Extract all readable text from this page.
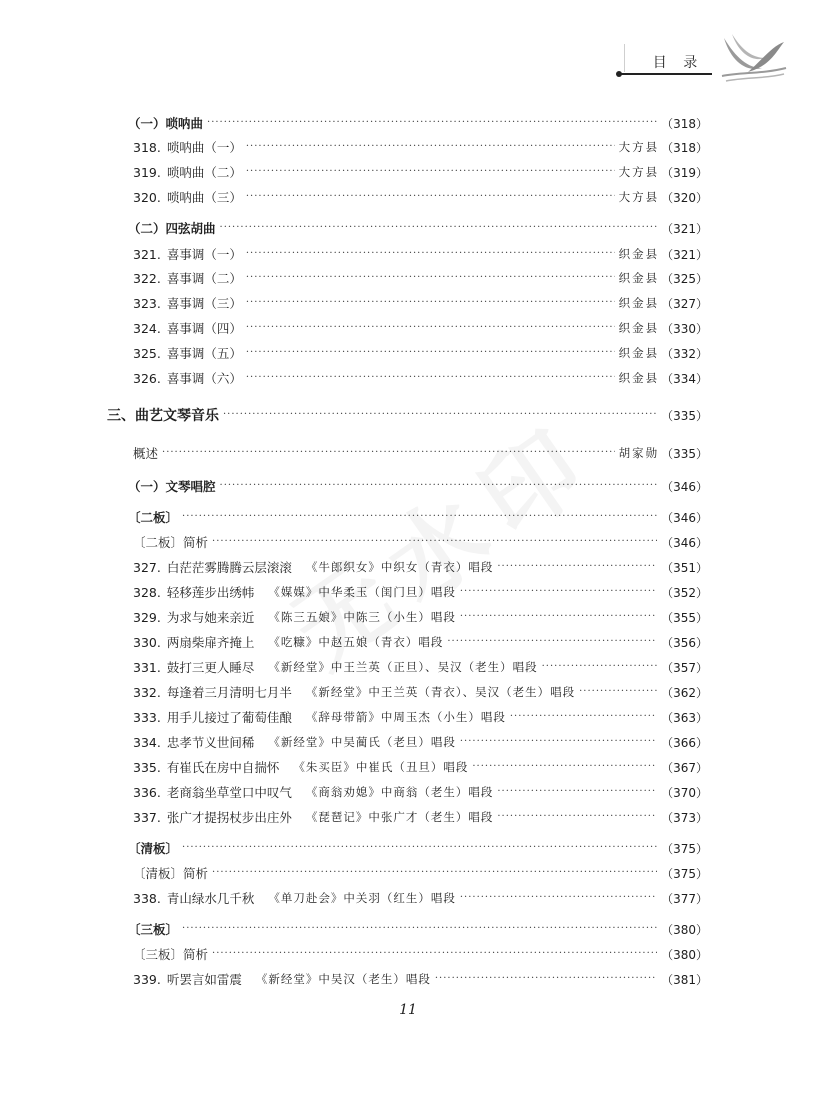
目 录
（一）唢呐曲 ·····	（318）
318. 唢呐曲（一） ·····	大方县 （318）
319. 唢呐曲（二） ·····	大方县 （319）
320. 唢呐曲（三） ·····	大方县 （320）
（二）四弦胡曲 ·····	（321）
321. 喜事调（一） ·····	织金县 （321）
322. 喜事调（二） ·····	织金县 （325）
323. 喜事调（三） ·····	织金县 （327）
324. 喜事调（四） ·····	织金县 （330）
325. 喜事调（五） ·····	织金县 （332）
326. 喜事调（六） ·····	织金县 （334）
三、曲艺文琴音乐 ·····	（335）
概述 ·····	胡家勋 （335）
（一）文琴唱腔 ·····	（346）
〔二板〕 ·····	（346）
〔二板〕简析 ·····	（346）
327. 白茫茫雾腾腾云层滚滚 《牛郎织女》中织女（青衣）唱段 ·····	（351）
328. 轻移莲步出绣帏 《媒媒》中华柔玉（闺门旦）唱段 ·····	（352）
329. 为求与她来亲近 《陈三五娘》中陈三（小生）唱段 ·····	（355）
330. 两扇柴扉齐掩上 《吃糠》中赵五娘（青衣）唱段 ·····	（356）
331. 鼓打三更人睡尽 《新经堂》中王兰英（正旦）、吴汉（老生）唱段 ·····	（357）
332. 每逢着三月清明七月半 《新经堂》中王兰英（青衣）、吴汉（老生）唱段 ·····	（362）
333. 用手儿接过了葡萄佳酿 《辞母带箭》中周玉杰（小生）唱段 ·····	（363）
334. 忠孝节义世间稀 《新经堂》中吴蔺氏（老旦）唱段 ·····	（366）
335. 有崔氏在房中自揣怀 《朱买臣》中崔氏（丑旦）唱段 ·····	（367）
336. 老商翁坐草堂口中叹气 《商翁劝媳》中商翁（老生）唱段 ·····	（370）
337. 张广才提拐杖步出庄外 《琵琶记》中张广才（老生）唱段 ·····	（373）
〔清板〕 ·····	（375）
〔清板〕简析 ·····	（375）
338. 青山绿水几千秋 《单刀赴会》中关羽（红生）唱段 ·····	（377）
〔三板〕 ·····	（380）
〔三板〕简析 ·····	（380）
339. 听罢言如雷震 《新经堂》中吴汉（老生）唱段 ·····	（381）
11
